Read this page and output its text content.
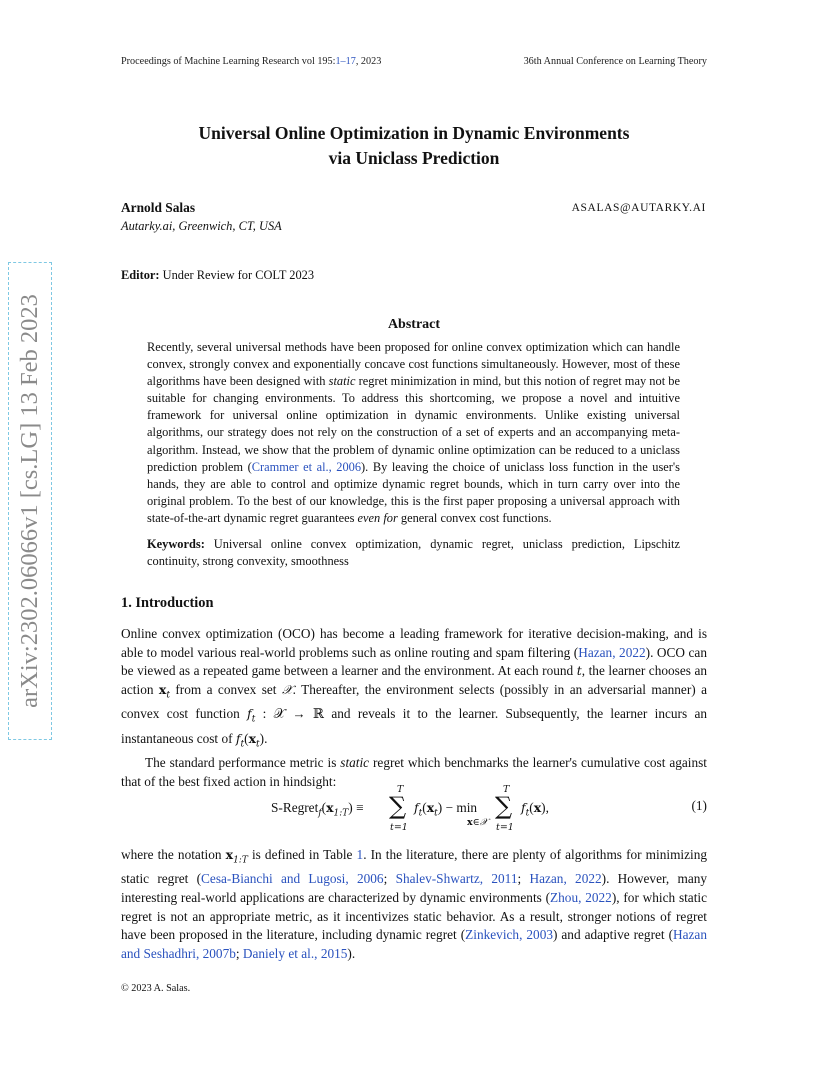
Proceedings of Machine Learning Research vol 195:1–17, 2023	36th Annual Conference on Learning Theory
arXiv:2302.06066v1 [cs.LG] 13 Feb 2023
Universal Online Optimization in Dynamic Environments
via Uniclass Prediction
Arnold Salas	ASALAS@AUTARKY.AI
Autarky.ai, Greenwich, CT, USA
Editor: Under Review for COLT 2023
Abstract
Recently, several universal methods have been proposed for online convex optimization which can handle convex, strongly convex and exponentially concave cost functions simultaneously. However, most of these algorithms have been designed with static regret minimization in mind, but this notion of regret may not be suitable for changing environments. To address this shortcoming, we propose a novel and intuitive framework for universal online optimization in dynamic environments. Unlike existing universal algorithms, our strategy does not rely on the construction of a set of experts and an accompanying meta-algorithm. Instead, we show that the problem of dynamic online optimization can be reduced to a uniclass prediction problem (Crammer et al., 2006). By leaving the choice of uniclass loss function in the user's hands, they are able to control and optimize dynamic regret bounds, which in turn carry over into the original problem. To the best of our knowledge, this is the first paper proposing a universal approach with state-of-the-art dynamic regret guarantees even for general convex cost functions.
Keywords: Universal online convex optimization, dynamic regret, uniclass prediction, Lipschitz continuity, strong convexity, smoothness
1. Introduction

Online convex optimization (OCO) has become a leading framework for iterative decision-making, and is able to model various real-world problems such as online routing and spam filtering (Hazan, 2022). OCO can be viewed as a repeated game between a learner and the environment. At each round t, the learner chooses an action $x_t$ from a convex set 𝒳. Thereafter, the environment selects (possibly in an adversarial manner) a convex cost function $f_t$ : 𝒳 → ℝ and reveals it to the learner. Subsequently, the learner incurs an instantaneous cost of $f_t(x_t)$.

The standard performance metric is static regret which benchmarks the learner's cumulative cost against that of the best fixed action in hindsight:

$S-Regret_f(x_{1:T})$ ≡
T
∑
t=1
$f_t(x_t) - \min$
x∈𝒳
T
∑
t=1
$f_t(x)$,	(1)

where the notation $x_{1:T}$ is defined in Table 1. In the literature, there are plenty of algorithms for minimizing static regret (Cesa-Bianchi and Lugosi, 2006; Shalev-Shwartz, 2011; Hazan, 2022). However, many interesting real-world applications are characterized by dynamic environments (Zhou, 2022), for which static regret is not an appropriate metric, as it incentivizes static behavior. As a result, stronger notions of regret have been proposed in the literature, including dynamic regret (Zinkevich, 2003) and adaptive regret (Hazan and Seshadhri, 2007b; Daniely et al., 2015).

© 2023 A. Salas.
